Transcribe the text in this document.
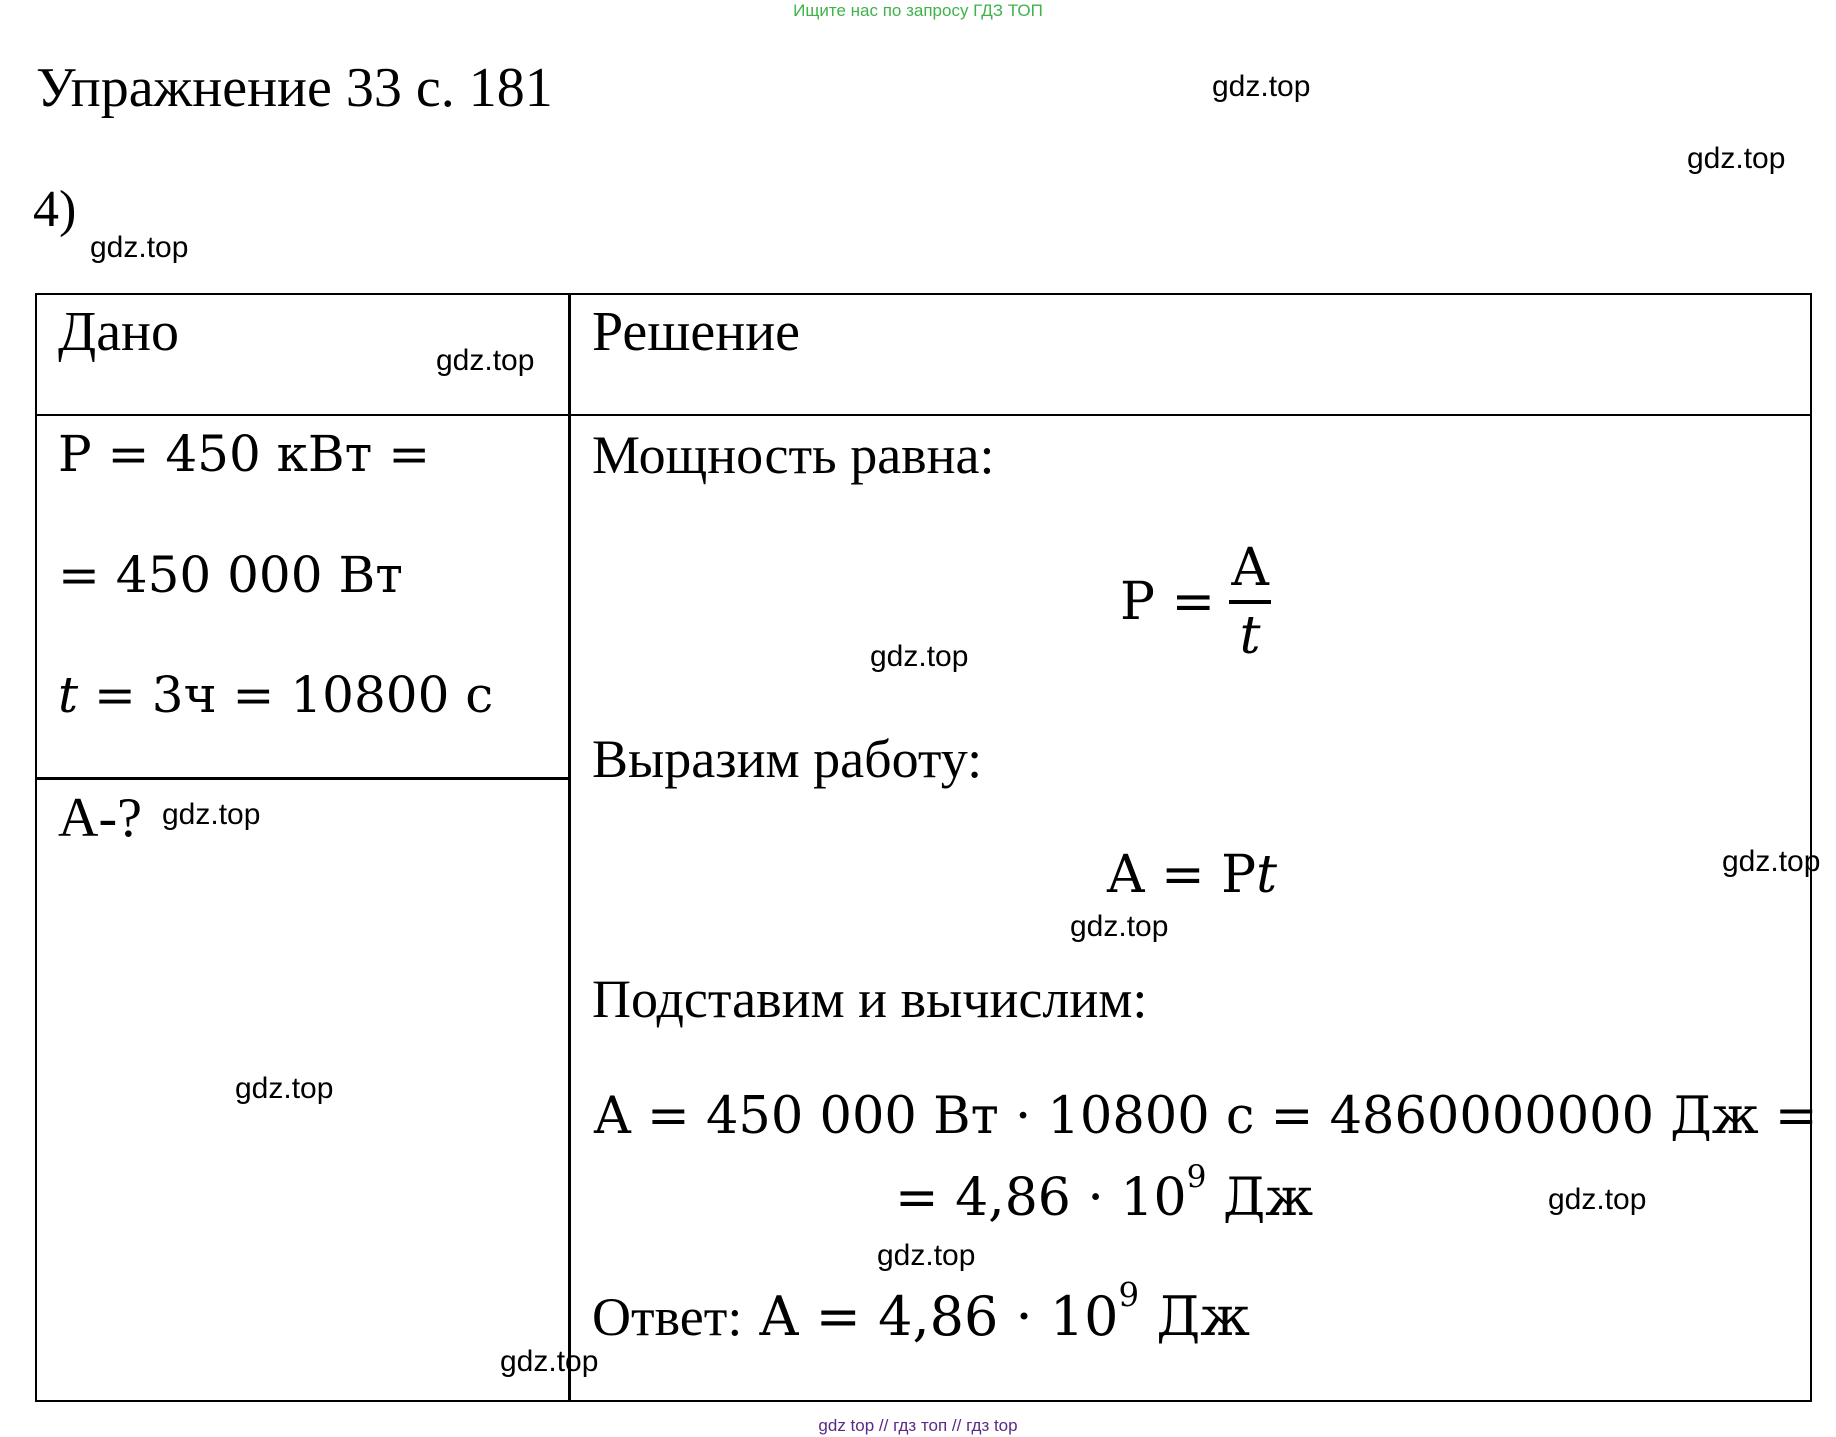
Ищите нас по запросу ГДЗ ТОП
Упражнение 33 с. 181
4)
gdz.top
gdz.top
gdz.top
Дано	gdz.top Решение
P = 450 кВт =
= 450 000 Вт
t = 3ч = 10800 с
A-? gdz.top
gdz.top
gdz.top
Мощность равна:
$P = \frac{A}{t}$
gdz.top
Выразим работу:
A = Pt	gdz.top
gdz.top
Подставим и вычислим:
A = 450 000 Вт · 10800 с = 4860000000 Дж =
= $4,86 \cdot 10^9$ Дж	gdz.top
gdz.top
Ответ: $A = 4,86 \cdot 10^9$ Дж
gdz top // гдз топ // гдз top
